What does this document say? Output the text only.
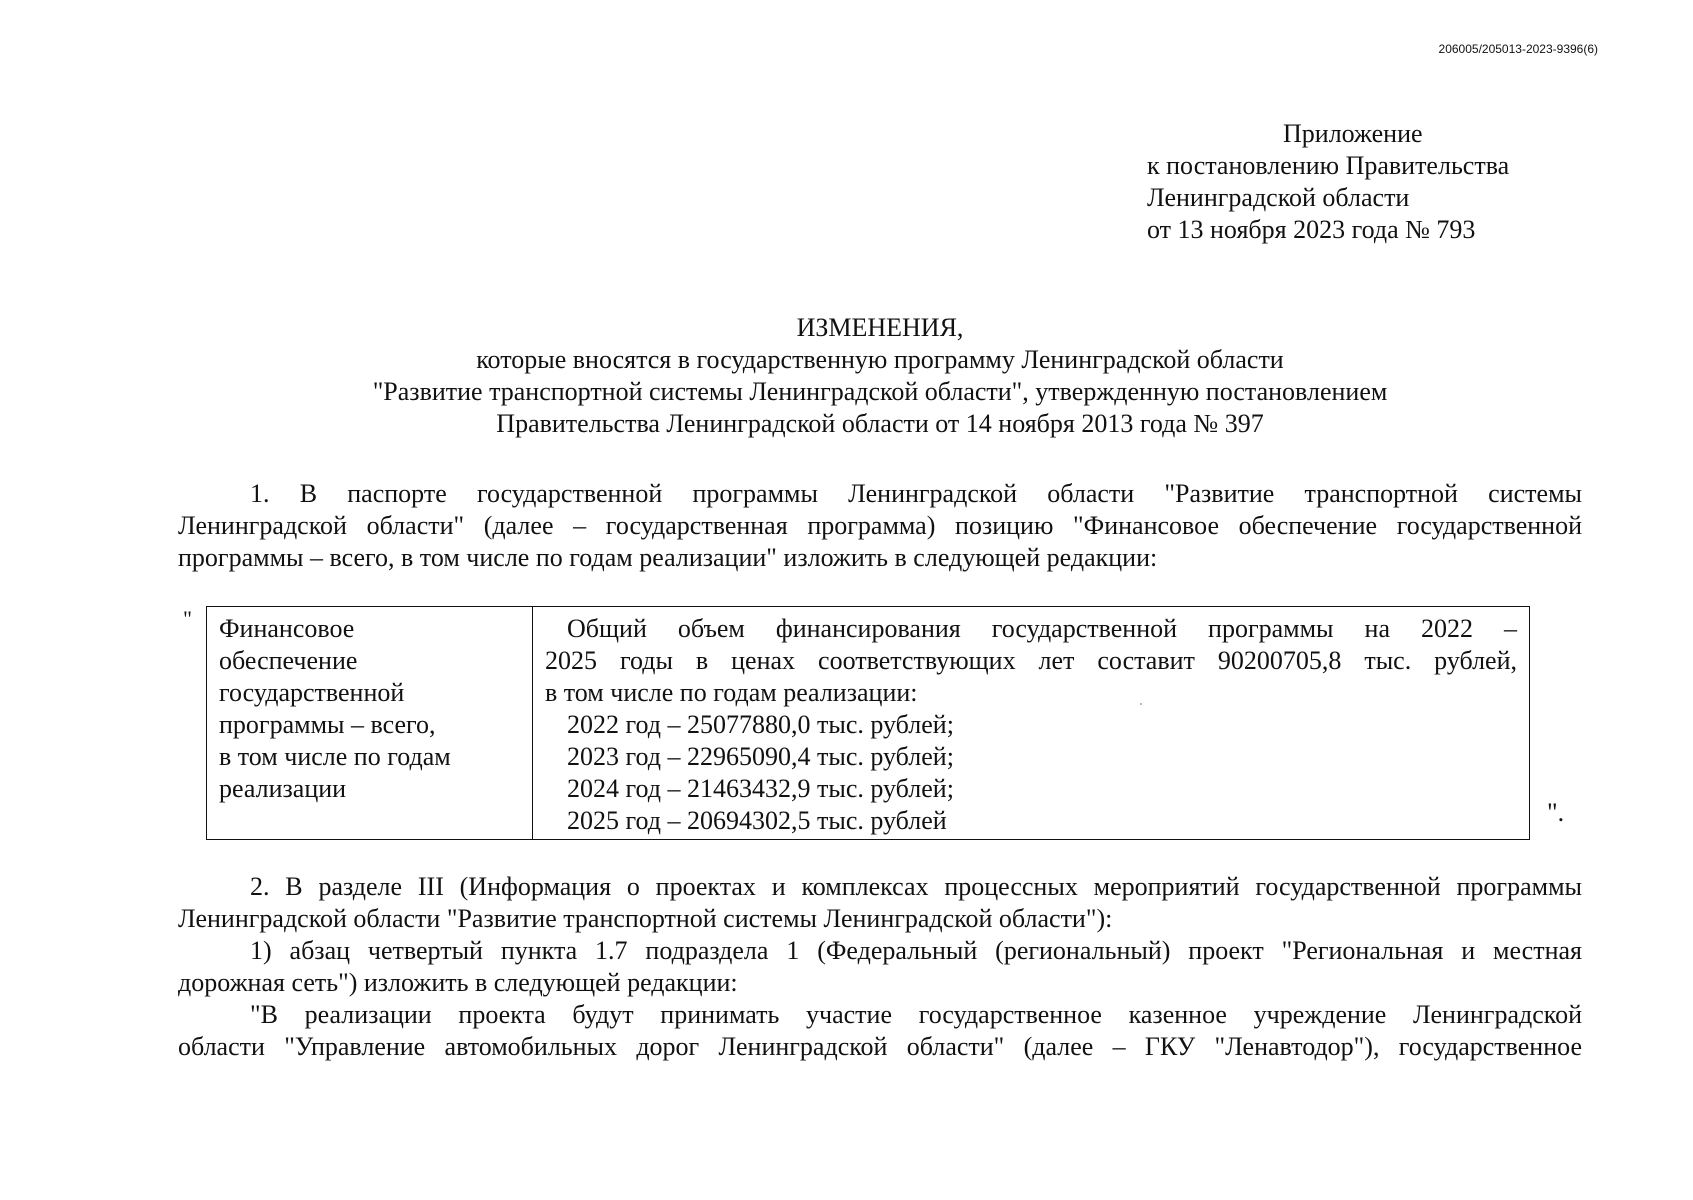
206005/205013-2023-9396(6)
Приложение
к постановлению Правительства
Ленинградской области
от 13 ноября 2023 года № 793
ИЗМЕНЕНИЯ,
которые вносятся в государственную программу Ленинградской области
"Развитие транспортной системы Ленинградской области", утвержденную постановлением
Правительства Ленинградской области от 14 ноября 2013 года № 397
1. В паспорте государственной программы Ленинградской области "Развитие транспортной системы
Ленинградской области" (далее – государственная программа) позицию "Финансовое обеспечение государственной
программы – всего, в том числе по годам реализации" изложить в следующей редакции:
" Финансовое
обеспечение
государственной
программы – всего,
в том числе по годам
реализации
Общий объем финансирования государственной программы на 2022 –
2025 годы в ценах соответствующих лет составит 90200705,8 тыс. рублей,
в том числе по годам реализации:
2022 год – 25077880,0 тыс. рублей;
2023 год – 22965090,4 тыс. рублей;
2024 год – 21463432,9 тыс. рублей;
2025 год – 20694302,5 тыс. рублей	".
2. В разделе III (Информация о проектах и комплексах процессных мероприятий государственной программы
Ленинградской области "Развитие транспортной системы Ленинградской области"):
1) абзац четвертый пункта 1.7 подраздела 1 (Федеральный (региональный) проект "Региональная и местная
дорожная сеть") изложить в следующей редакции:
"В реализации проекта будут принимать участие государственное казенное учреждение Ленинградской
области "Управление автомобильных дорог Ленинградской области" (далее – ГКУ "Ленавтодор"), государственное
